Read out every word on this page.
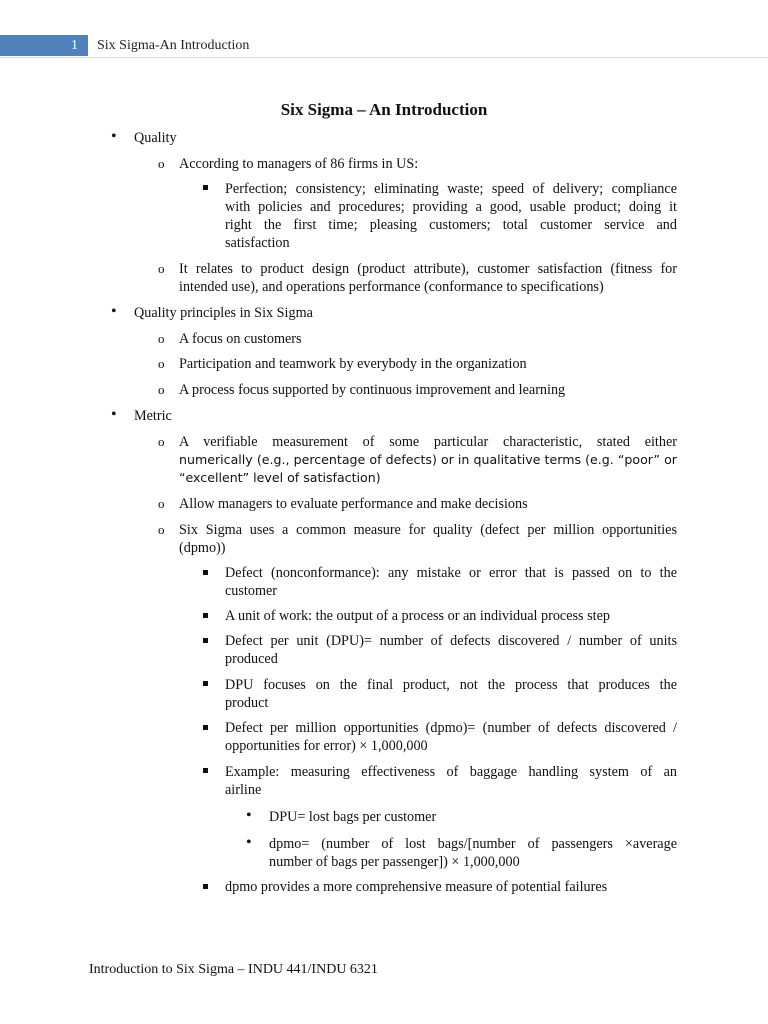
1	Six Sigma-An Introduction
Six Sigma – An Introduction
•
Quality
o According to managers of 86 firms in US:
Perfection; consistency; eliminating waste; speed of delivery; compliance
with policies and procedures; providing a good, usable product; doing it
right the first time; pleasing customers; total customer service and
satisfaction
o It relates to product design (product attribute), customer satisfaction (fitness for
intended use), and operations performance (conformance to specifications)
•
Quality principles in Six Sigma
o A focus on customers
o Participation and teamwork by everybody in the organization
o A process focus supported by continuous improvement and learning
•
Metric
o A verifiable measurement of some particular characteristic, stated either
numerically (e.g., percentage of defects) or in qualitative terms (e.g. “poor” or
“excellent” level of satisfaction)
o Allow managers to evaluate performance and make decisions
o Six Sigma uses a common measure for quality (defect per million opportunities
(dpmo))
Defect (nonconformance): any mistake or error that is passed on to the
customer
A unit of work: the output of a process or an individual process step
Defect per unit (DPU)= number of defects discovered / number of units
produced
DPU focuses on the final product, not the process that produces the
product
Defect per million opportunities (dpmo)= (number of defects discovered /
opportunities for error) × 1,000,000
Example: measuring effectiveness of baggage handling system of an
airline
•
DPU= lost bags per customer
•
dpmo= (number of lost bags/[number of passengers ×average
number of bags per passenger]) × 1,000,000
dpmo provides a more comprehensive measure of potential failures
Introduction to Six Sigma – INDU 441/INDU 6321
